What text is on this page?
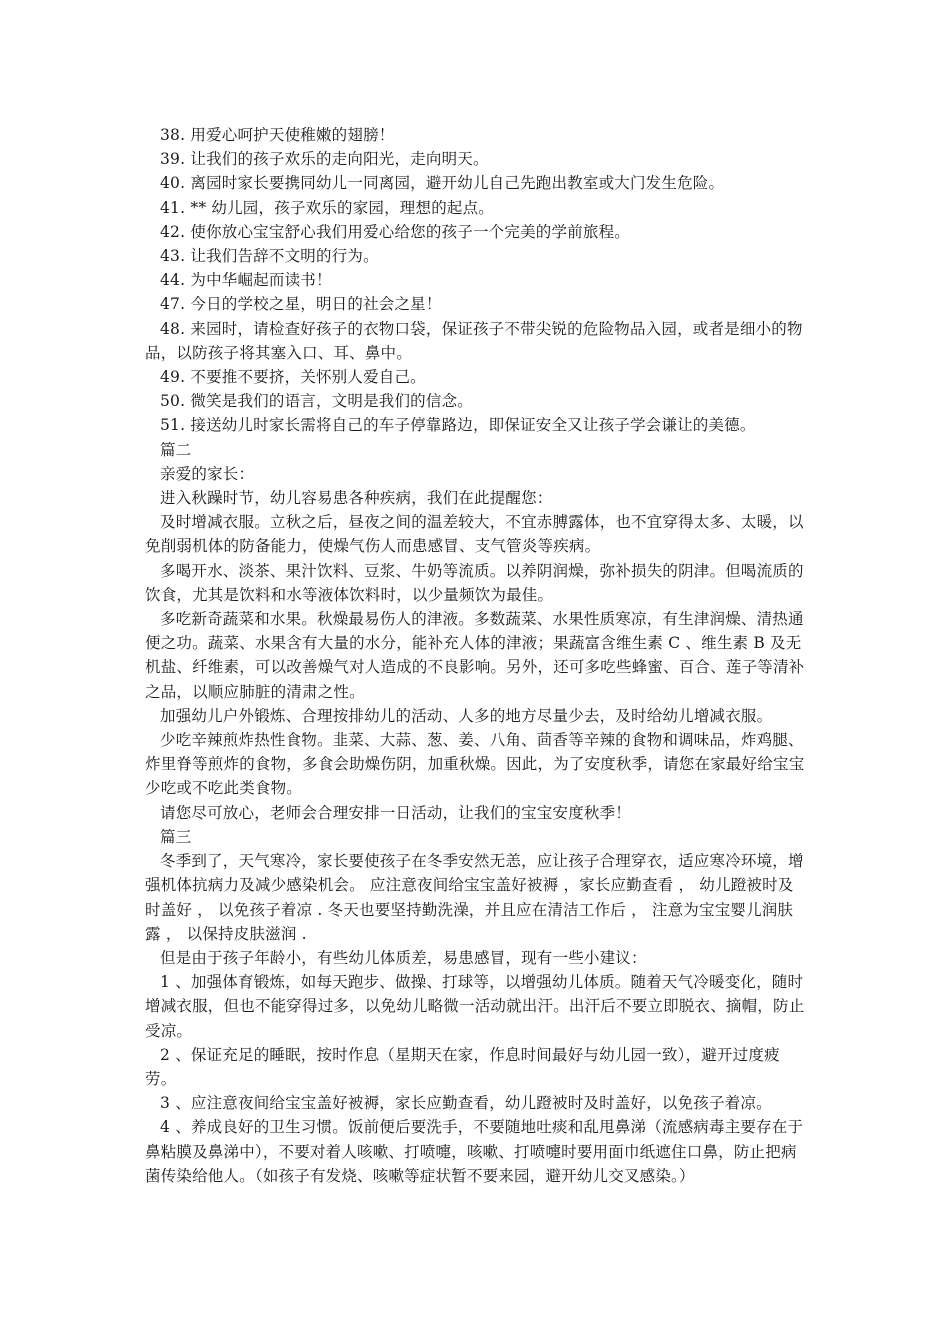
38. 用爱心呵护天使稚嫩的翅膀！

39. 让我们的孩子欢乐的走向阳光，走向明天。

40. 离园时家长要携同幼儿一同离园，避开幼儿自己先跑出教室或大门发生危险。

41. ** 幼儿园，孩子欢乐的家园，理想的起点。

42. 使你放心宝宝舒心我们用爱心给您的孩子一个完美的学前旅程。

43. 让我们告辞不文明的行为。

44. 为中华崛起而读书！

47. 今日的学校之星，明日的社会之星！

48. 来园时，请检查好孩子的衣物口袋，保证孩子不带尖锐的危险物品入园，或者是细小的物品，以防孩子将其塞入口、耳、鼻中。

49. 不要推不要挤，关怀别人爱自己。

50. 微笑是我们的语言，文明是我们的信念。

51. 接送幼儿时家长需将自己的车子停靠路边，即保证安全又让孩子学会谦让的美德。

篇二

亲爱的家长：

进入秋躁时节，幼儿容易患各种疾病，我们在此提醒您：

及时增减衣服。立秋之后，昼夜之间的温差较大，不宜赤膊露体，也不宜穿得太多、太暖，以免削弱机体的防备能力，使燥气伤人而患感冒、支气管炎等疾病。

多喝开水、淡茶、果汁饮料、豆浆、牛奶等流质。以养阴润燥，弥补损失的阴津。但喝流质的饮食，尤其是饮料和水等液体饮料时，以少量频饮为最佳。

多吃新奇蔬菜和水果。秋燥最易伤人的津液。多数蔬菜、水果性质寒凉，有生津润燥、清热通便之功。蔬菜、水果含有大量的水分，能补充人体的津液；果蔬富含维生素 C 、维生素 B 及无机盐、纤维素，可以改善燥气对人造成的不良影响。另外，还可多吃些蜂蜜、百合、莲子等清补之品，以顺应肺脏的清肃之性。

加强幼儿户外锻炼、合理按排幼儿的活动、人多的地方尽量少去，及时给幼儿增减衣服。

少吃辛辣煎炸热性食物。韭菜、大蒜、葱、姜、八角、茴香等辛辣的食物和调味品，炸鸡腿、炸里脊等煎炸的食物，多食会助燥伤阴，加重秋燥。因此，为了安度秋季，请您在家最好给宝宝少吃或不吃此类食物。

请您尽可放心，老师会合理安排一日活动，让我们的宝宝安度秋季！

篇三

冬季到了，天气寒冷，家长要使孩子在冬季安然无恙，应让孩子合理穿衣，适应寒冷环境，增强机体抗病力及减少感染机会。 应注意夜间给宝宝盖好被褥 ，家长应勤查看 ， 幼儿蹬被时及时盖好 ， 以免孩子着凉 . 冬天也要坚持勤洗澡，并且应在清洁工作后 ， 注意为宝宝婴儿润肤露 ， 以保持皮肤滋润 .

但是由于孩子年龄小，有些幼儿体质差，易患感冒，现有一些小建议：

1 、加强体育锻炼，如每天跑步、做操、打球等，以增强幼儿体质。随着天气冷暖变化，随时增减衣服，但也不能穿得过多，以免幼儿略微一活动就出汗。出汗后不要立即脱衣、摘帽，防止受凉。

2 、保证充足的睡眠，按时作息（星期天在家，作息时间最好与幼儿园一致），避开过度疲劳。

3 、应注意夜间给宝宝盖好被褥，家长应勤查看，幼儿蹬被时及时盖好，以免孩子着凉。

4 、养成良好的卫生习惯。饭前便后要洗手，不要随地吐痰和乱甩鼻涕（流感病毒主要存在于鼻粘膜及鼻涕中），不要对着人咳嗽、打喷嚏，咳嗽、打喷嚏时要用面巾纸遮住口鼻，防止把病菌传染给他人。（如孩子有发烧、咳嗽等症状暂不要来园，避开幼儿交叉感染。）
